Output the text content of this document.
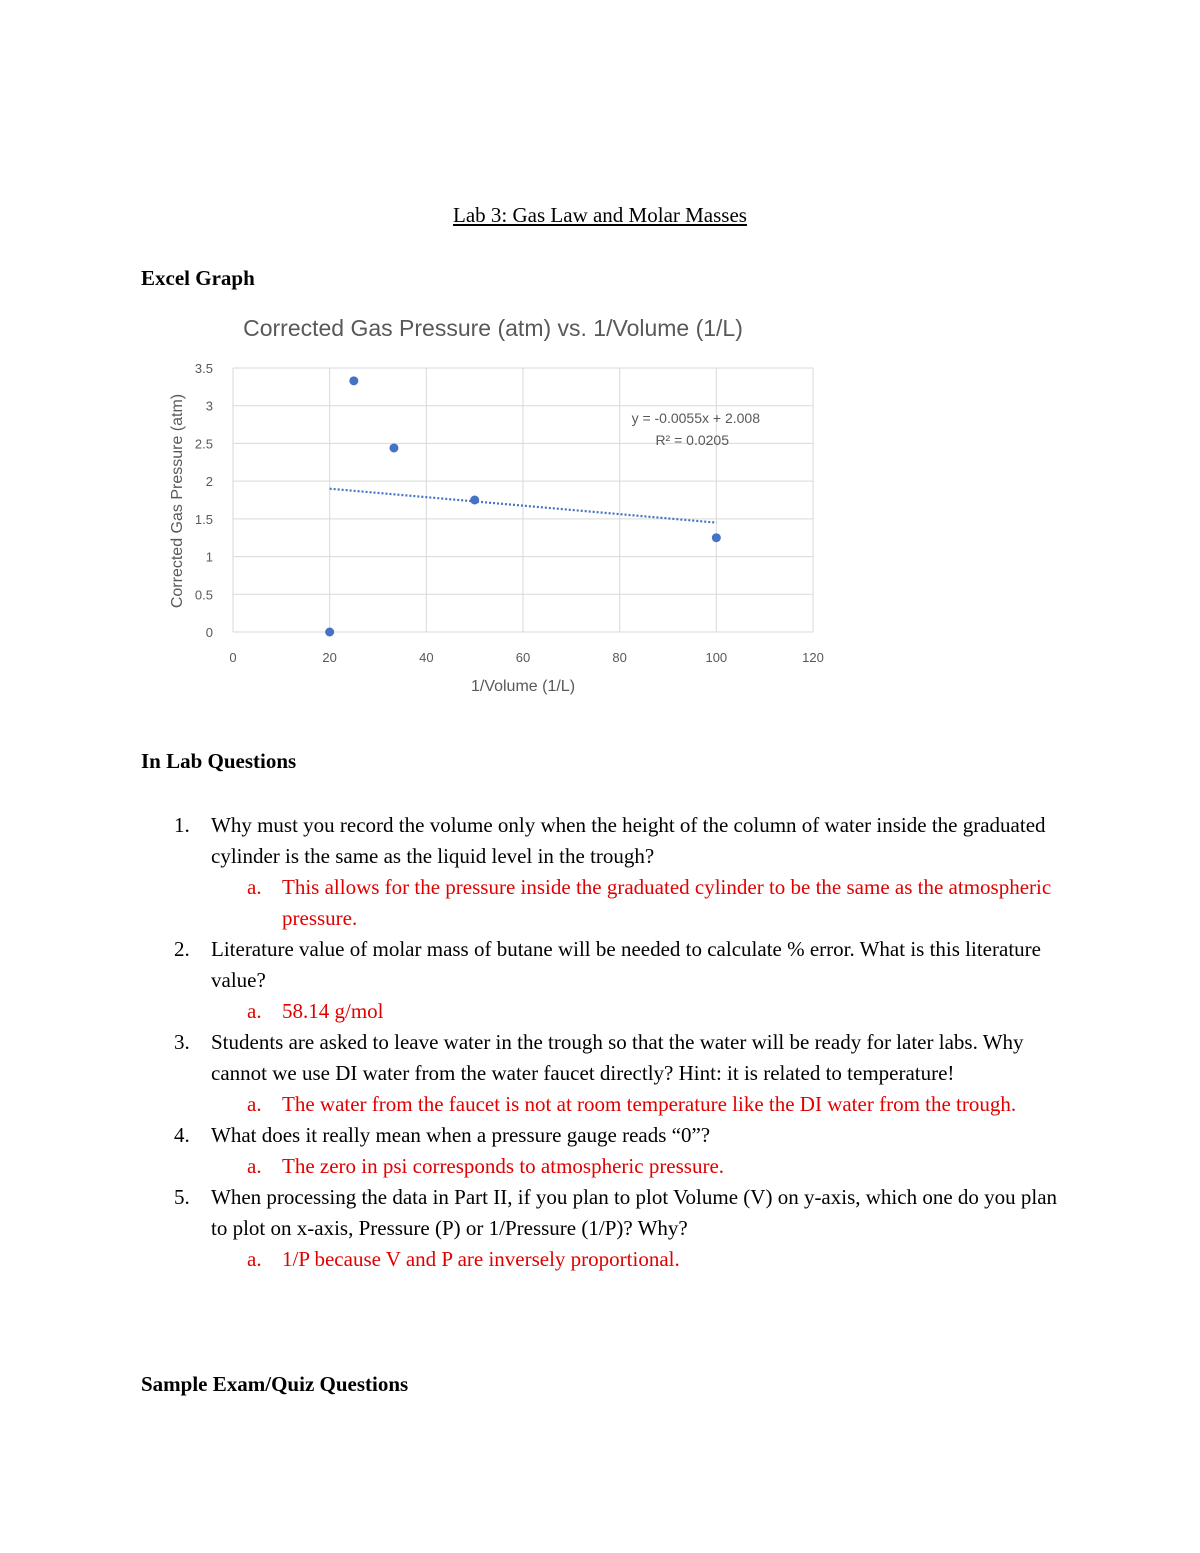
Lab 3: Gas Law and Molar Masses
Excel Graph
Corrected Gas Pressure (atm) vs. 1/Volume (1/L)
0
0.5
1
1.5
2
2.5
3
3.5
0	20	40	60	80	100	120
y = -0.0055x + 2.008
R² = 0.0205
1/Volume (1/L)
Corrected Gas Pressure (atm)
In Lab Questions
1. Why must you record the volume only when the height of the column of water inside the graduated cylinder is the same as the liquid level in the trough?
a. This allows for the pressure inside the graduated cylinder to be the same as the atmospheric pressure.
2. Literature value of molar mass of butane will be needed to calculate % error. What is this literature value?
a. 58.14 g/mol
3. Students are asked to leave water in the trough so that the water will be ready for later labs. Why cannot we use DI water from the water faucet directly? Hint: it is related to temperature!
a. The water from the faucet is not at room temperature like the DI water from the trough.
4. What does it really mean when a pressure gauge reads “0”?
a. The zero in psi corresponds to atmospheric pressure.
5. When processing the data in Part II, if you plan to plot Volume (V) on y-axis, which one do you plan to plot on x-axis, Pressure (P) or 1/Pressure (1/P)? Why?
a. 1/P because V and P are inversely proportional.
Sample Exam/Quiz Questions
